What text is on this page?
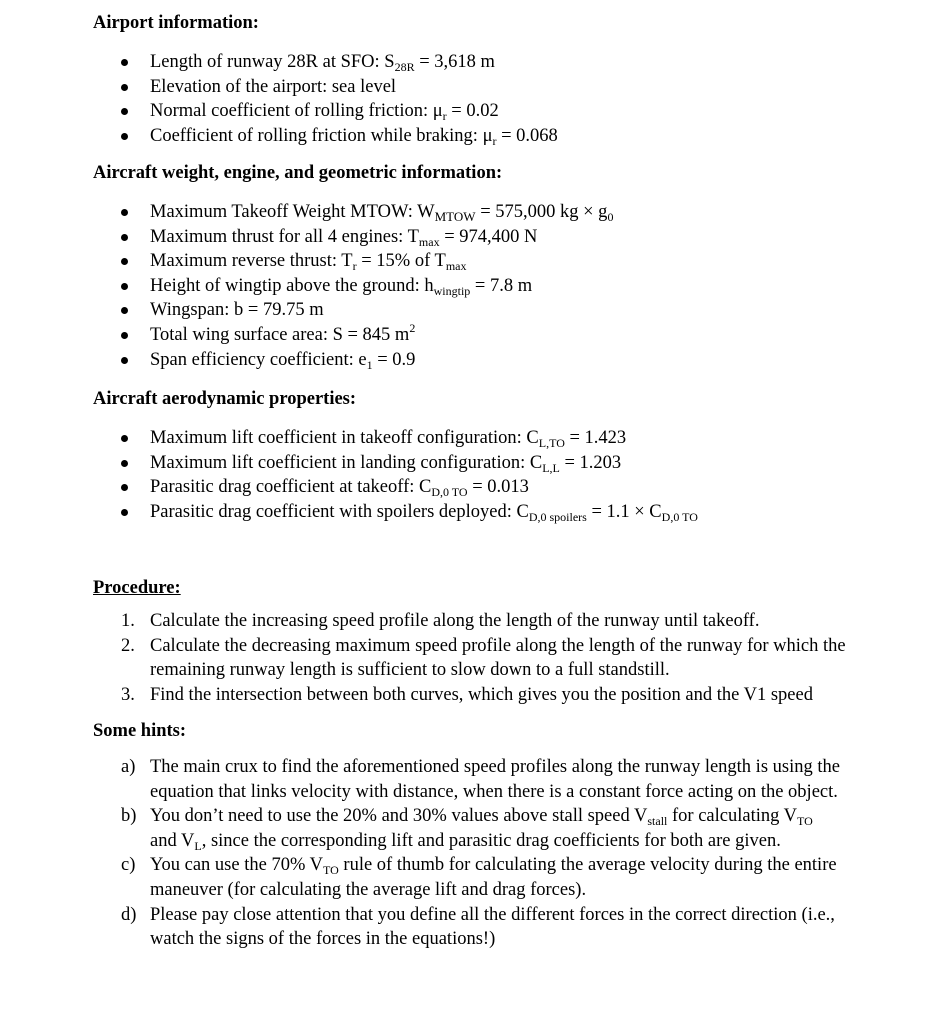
Airport information:
Length of runway 28R at SFO: $S_{28R} = 3,618$ m
Elevation of the airport: sea level
Normal coefficient of rolling friction: $\mu_r = 0.02$
Coefficient of rolling friction while braking: $\mu_r = 0.068$
Aircraft weight, engine, and geometric information:
Maximum Takeoff Weight MTOW: $W_{MTOW} = 575,000$ kg × $g_0$
Maximum thrust for all 4 engines: $T_{max} = 974,400$ N
Maximum reverse thrust: $T_r = 15\%$ of $T_{max}$
Height of wingtip above the ground: $h_{wingtip} = 7.8$ m
Wingspan: b = 79.75 m
Total wing surface area: S = 845 $m^2$
Span efficiency coefficient: $e_1 = 0.9$
Aircraft aerodynamic properties:
Maximum lift coefficient in takeoff configuration: $C_{L,TO} = 1.423$
Maximum lift coefficient in landing configuration: $C_{L,L} = 1.203$
Parasitic drag coefficient at takeoff: $C_{D,0 TO} = 0.013$
Parasitic drag coefficient with spoilers deployed: $C_{D,0 spoilers} = 1.1 \times C_{D,0 TO}$
Procedure:
1. Calculate the increasing speed profile along the length of the runway until takeoff.
2. Calculate the decreasing maximum speed profile along the length of the runway for which the remaining runway length is sufficient to slow down to a full standstill.
3. Find the intersection between both curves, which gives you the position and the V1 speed
Some hints:
a) The main crux to find the aforementioned speed profiles along the runway length is using the equation that links velocity with distance, when there is a constant force acting on the object.
b) You don’t need to use the 20% and 30% values above stall speed $V_{stall}$ for calculating $V_{TO}$ and $V_L$, since the corresponding lift and parasitic drag coefficients for both are given.
c) You can use the 70% $V_{TO}$ rule of thumb for calculating the average velocity during the entire maneuver (for calculating the average lift and drag forces).
d) Please pay close attention that you define all the different forces in the correct direction (i.e., watch the signs of the forces in the equations!)
